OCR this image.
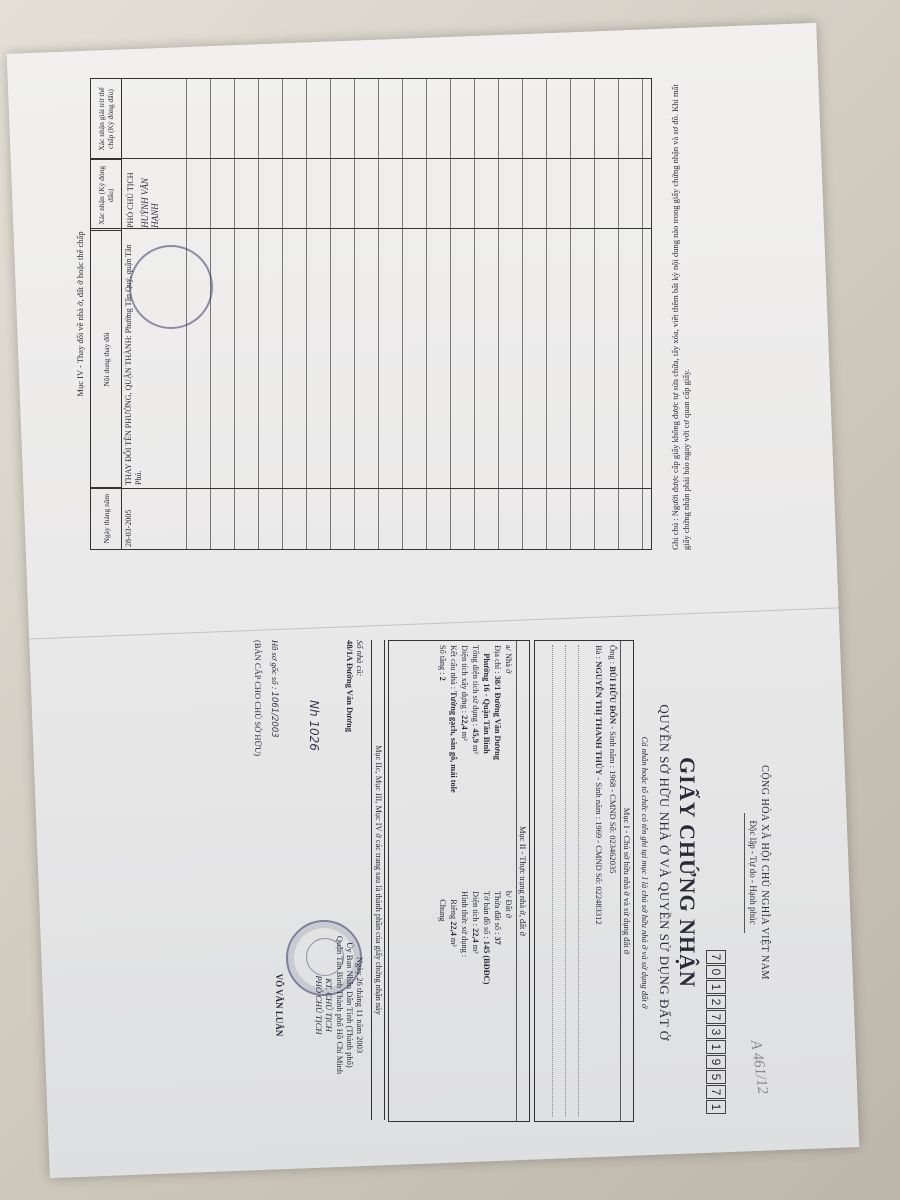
Mục IV - Thay đổi về nhà ở, đất ở hoặc thế chấp
Ngày tháng năm
Nội dung thay đổi
Xác nhận (Ký đóng dấu)
Xác nhận giải trừ thế chấp (Ký đóng dấu)
28-03-2005
THAY ĐỔI TÊN PHƯỜNG, QUẬN THÀNH: Phường Tân Quý, quận Tân Phú.
PHÓ CHỦ TỊCH HUỲNH VĂN HẠNH	Ghi chú : Người được cấp giấy không được tự sửa chữa, tẩy xóa, viết thêm bất kỳ nội dung nào trong giấy chứng nhận và sơ đồ. Khi mất giấy chứng nhận phải báo ngay với cơ quan cấp giấy.
CỘNG HÒA XÃ HỘI CHỦ NGHĨA VIỆT NAM
Độc lập - Tự do - Hạnh phúc
A 461/12
7
0
1
2
7
3
1
9
5
7
1
GIẤY CHỨNG NHẬN
QUYỀN SỞ HỮU NHÀ Ở VÀ QUYỀN SỬ DỤNG ĐẤT Ở
Cá nhân hoặc tổ chức có tên ghi tại mục I là chủ sở hữu nhà ở và sử dụng đất ở
Mục I - Chủ sở hữu nhà ở và sử dụng đất ở
Ông : BÙI HỮU ĐÔN - Sinh năm : 1968 - CMND Số: 023462035
Bà : NGUYỄN THỊ THANH THỦY - Sinh năm : 1969 - CMND Số: 022483312
Mục II - Thực trạng nhà ở, đất ở
a/ Nhà ở
Địa chỉ : 38/1 Đường Văn Dương
Phường 16 - Quận Tân Bình
Tổng diện tích sử dụng : 45,9 m²
Diện tích xây dựng : 22,4 m²
Kết cấu nhà : Tường gạch, sàn gỗ, mái tole
Số tầng : 2
b/ Đất ở
Thửa đất số : 37
Tờ bản đồ số : 145 (BĐĐC)
Diện tích : 22,4 m²
Hình thức sử dụng :
Riêng 22,4 m²
Chung
Mục IIc, Mục III, Mục IV ở các trang sau là thành phần của giấy chứng nhận này
Số nhà cũ:
48/1A Đường Văn Dương
Nh 1026
Hồ sơ gốc số : 1061/2003
(BẢN CẤP CHO CHỦ SỞ HỮU)
Ngày 26 tháng 11 năm 2003
Ủy Ban Nhân Dân Tỉnh (Thành phố)
Quận Tân Bình Thành phố Hồ Chí Minh
KT. CHỦ TỊCH
PHÓ CHỦ TỊCH
VÕ VĂN LUÂN
